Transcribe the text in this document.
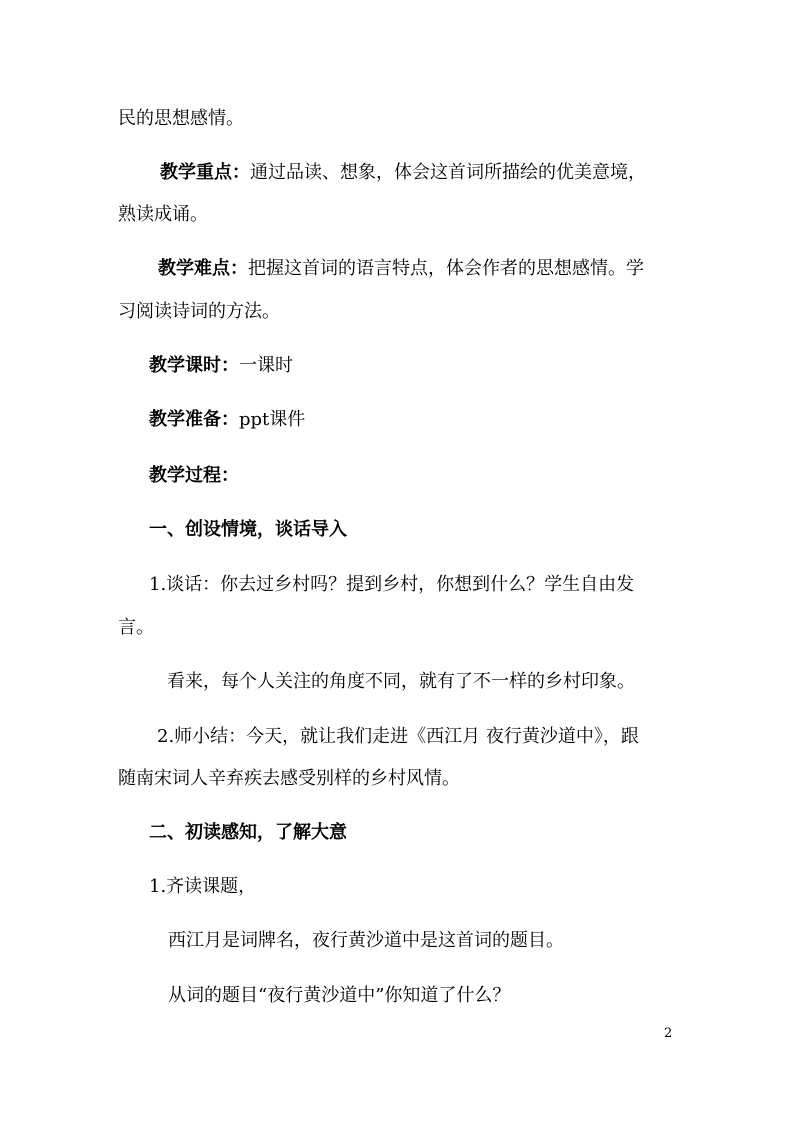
民的思想感情。
教学重点：通过品读、想象，体会这首词所描绘的优美意境，
熟读成诵。
教学难点：把握这首词的语言特点，体会作者的思想感情。学
习阅读诗词的方法。
教学课时：一课时
教学准备：ppt课件
教学过程：
一、创设情境，谈话导入
1.谈话：你去过乡村吗？提到乡村，你想到什么？学生自由发
言。
看来，每个人关注的角度不同，就有了不一样的乡村印象。
2.师小结：今天，就让我们走进《西江月 夜行黄沙道中》，跟
随南宋词人辛弃疾去感受别样的乡村风情。
二、初读感知，了解大意
1.齐读课题，
西江月是词牌名，夜行黄沙道中是这首词的题目。
从词的题目“夜行黄沙道中”你知道了什么？
2
